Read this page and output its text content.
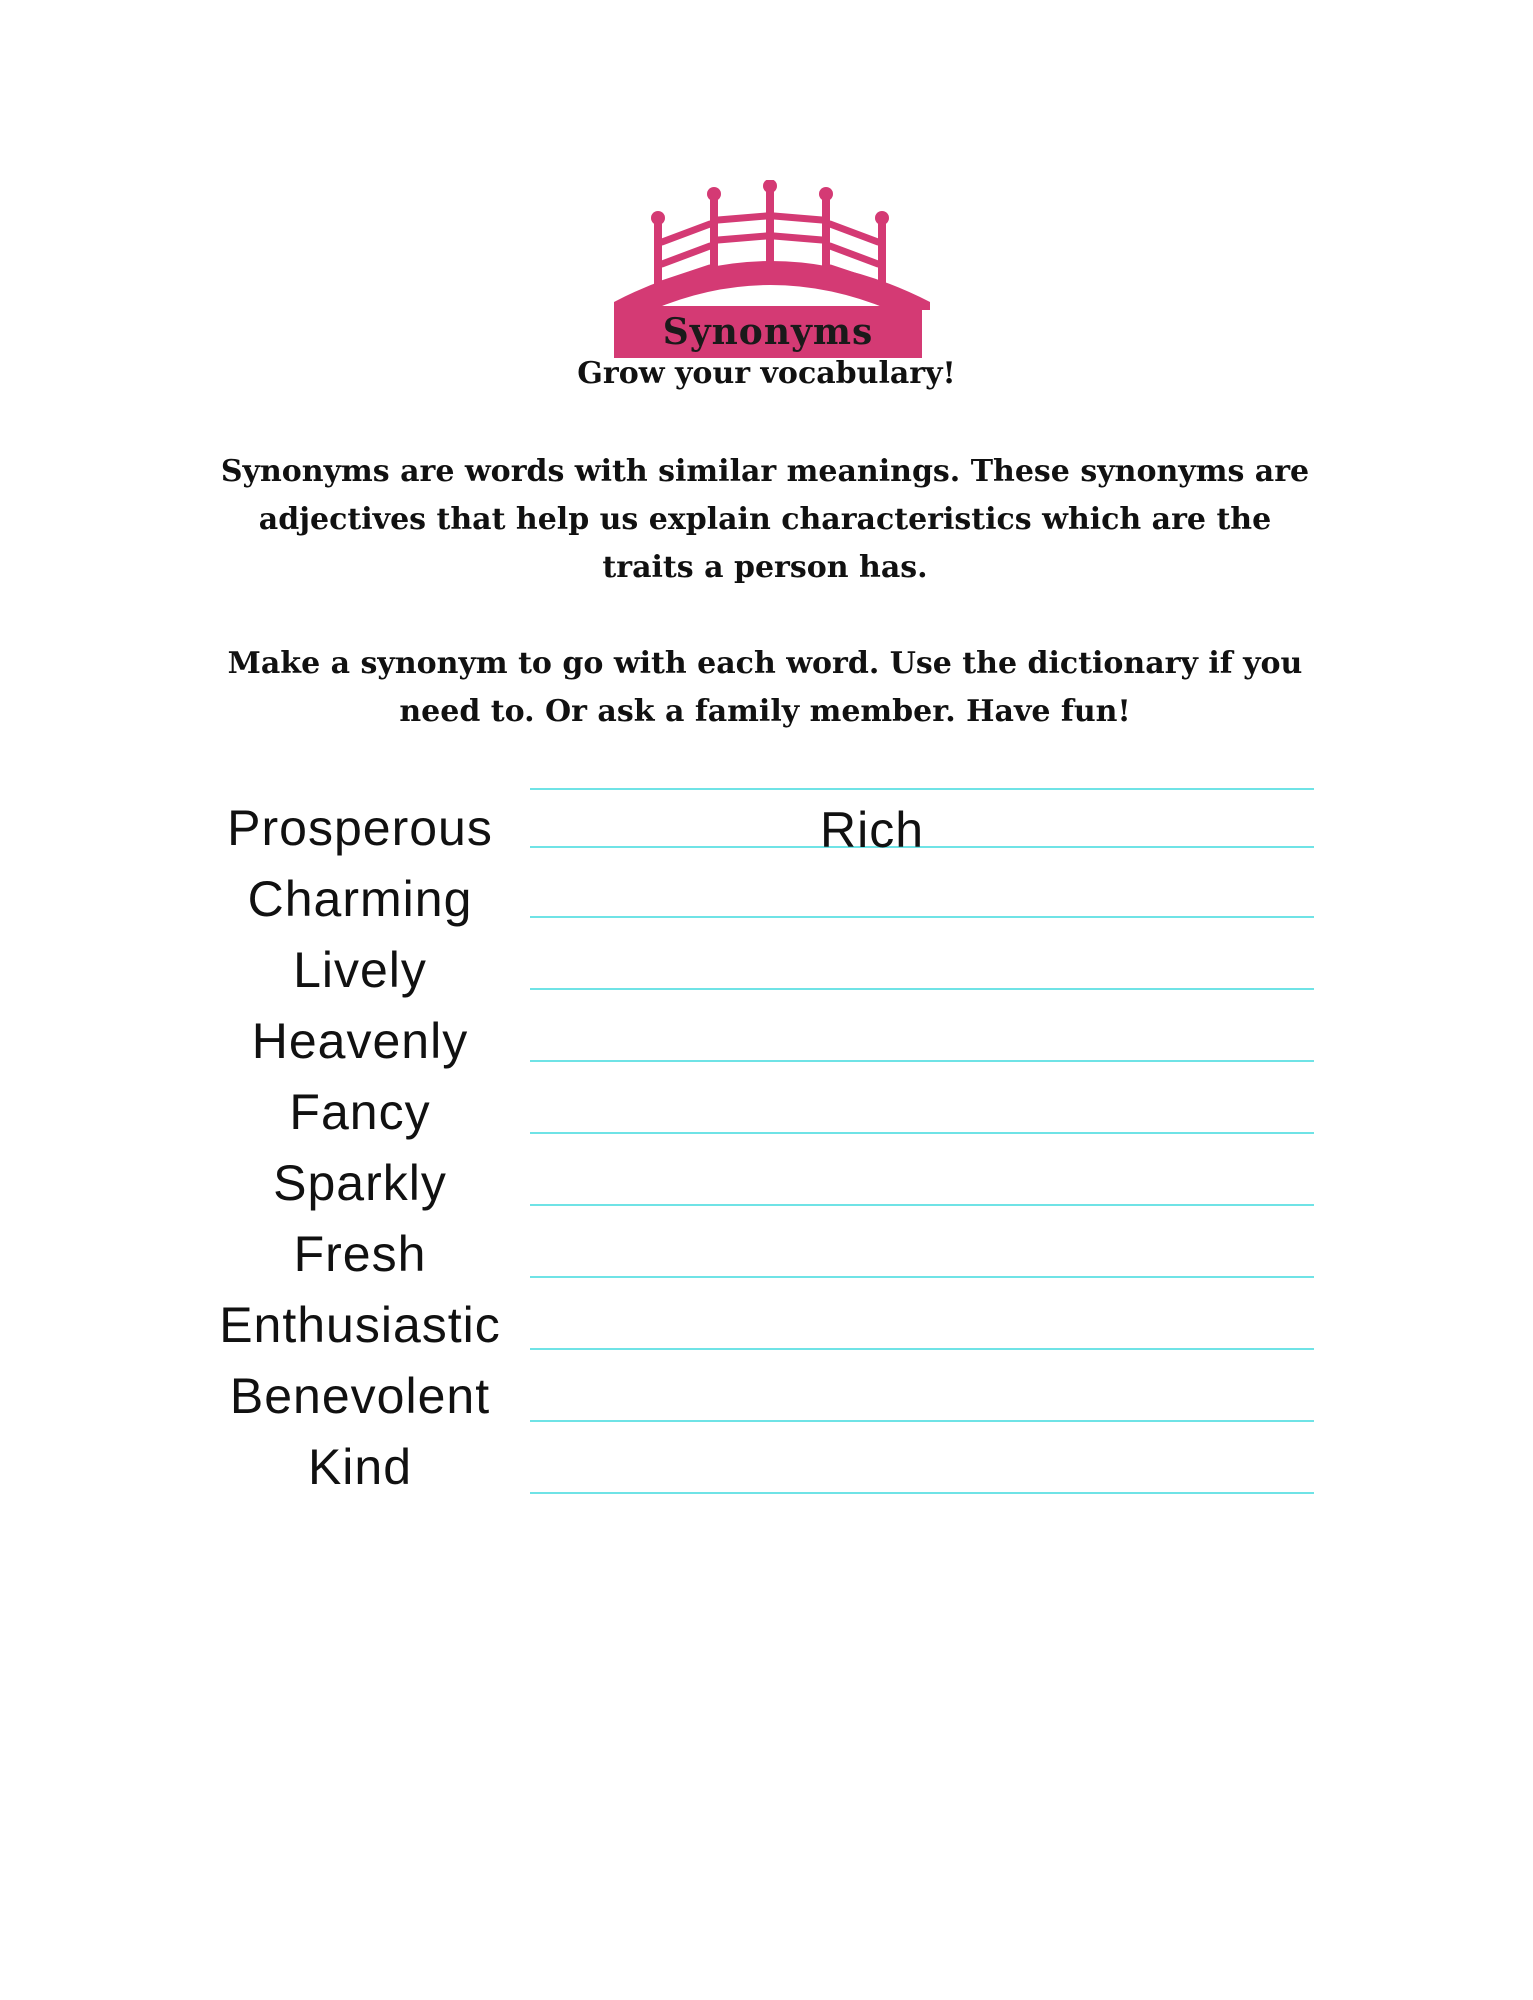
Synonyms
Grow your vocabulary!
Synonyms are words with similar meanings. These synonyms are adjectives that help us explain characteristics which are the traits a person has.
Make a synonym to go with each word. Use the dictionary if you need to. Or ask a family member. Have fun!
Prosperous
Charming
Lively
Heavenly
Fancy
Sparkly
Fresh
Enthusiastic
Benevolent
Kind
Rich
